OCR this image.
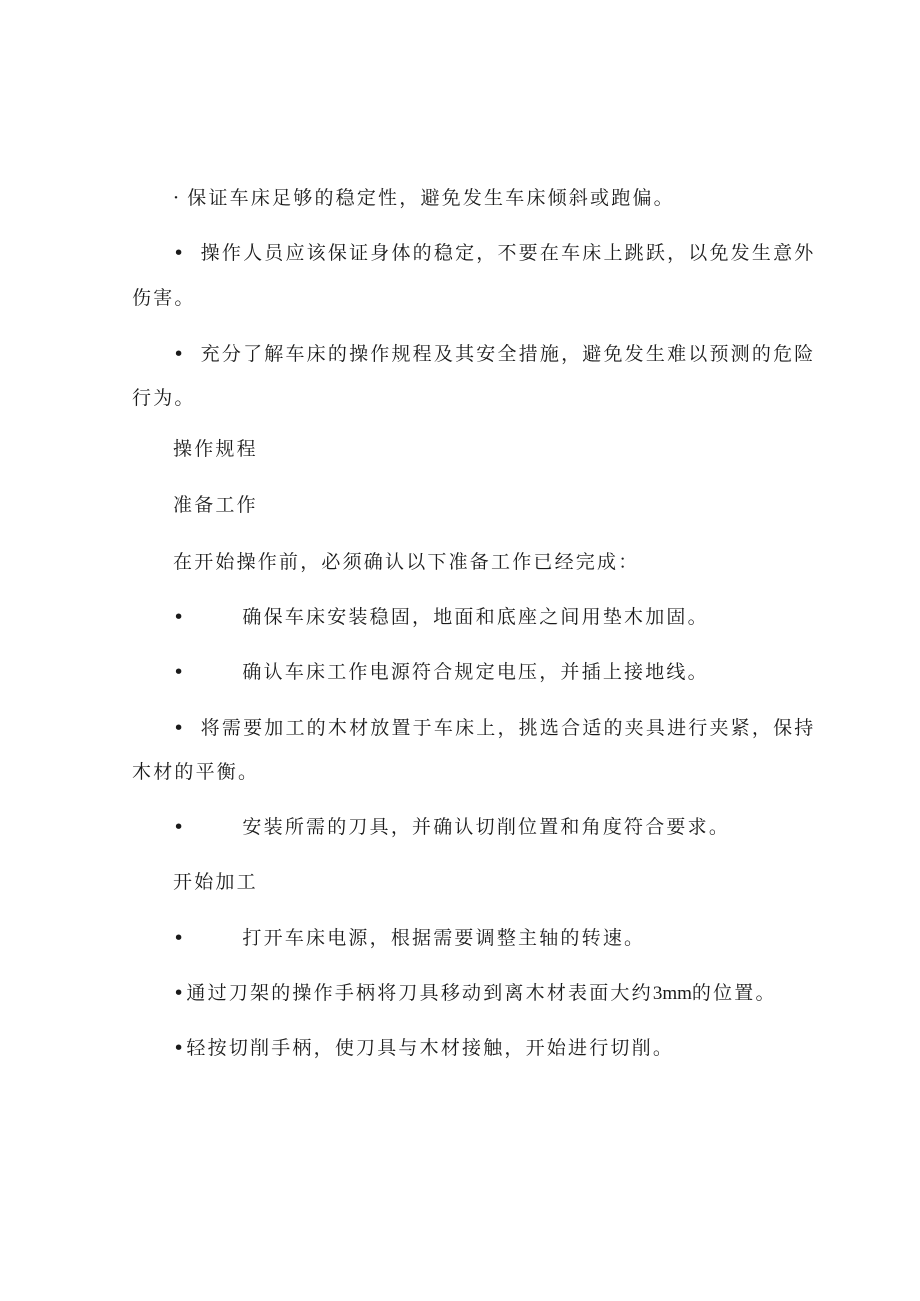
· 保证车床足够的稳定性，避免发生车床倾斜或跑偏。
• 操作人员应该保证身体的稳定，不要在车床上跳跃，以免发生意外
伤害。
• 充分了解车床的操作规程及其安全措施，避免发生难以预测的危险
行为。
操作规程
准备工作
在开始操作前，必须确认以下准备工作已经完成：
•	确保车床安装稳固，地面和底座之间用垫木加固。
•	确认车床工作电源符合规定电压，并插上接地线。
• 将需要加工的木材放置于车床上，挑选合适的夹具进行夹紧，保持
木材的平衡。
•	安装所需的刀具，并确认切削位置和角度符合要求。
开始加工
•	打开车床电源，根据需要调整主轴的转速。
•通过刀架的操作手柄将刀具移动到离木材表面大约3mm的位置。
•轻按切削手柄，使刀具与木材接触，开始进行切削。
